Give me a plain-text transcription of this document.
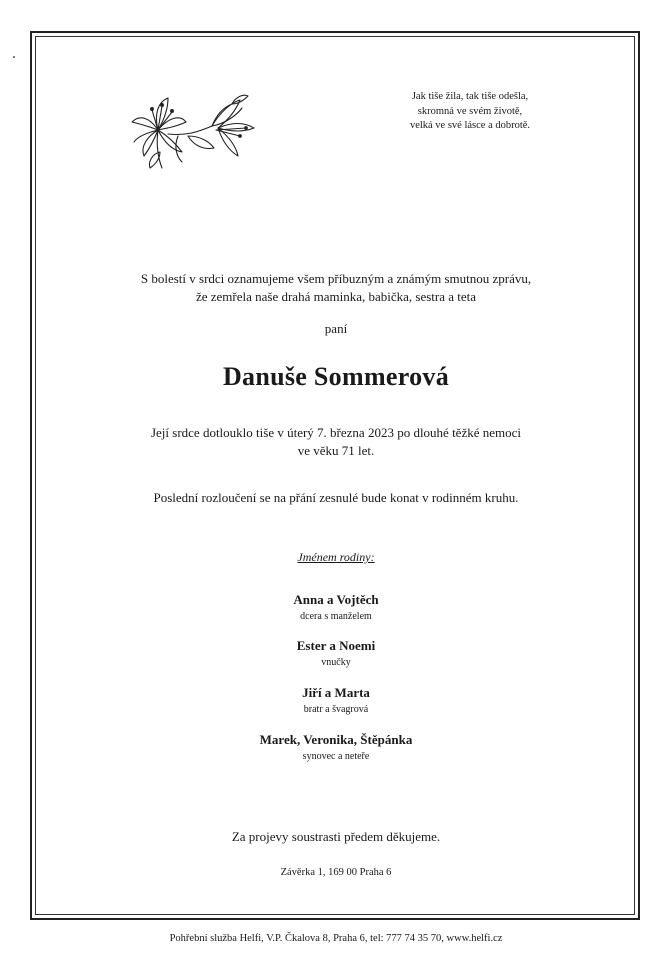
Jak tiše žila, tak tiše odešla,
skromná ve svém životě,
velká ve své lásce a dobrotě.
S bolestí v srdci oznamujeme všem příbuzným a známým smutnou zprávu,
že zemřela naše drahá maminka, babička, sestra a teta
paní
Danuše Sommerová
Její srdce dotlouklo tiše v úterý 7. března 2023 po dlouhé těžké nemoci
ve věku 71 let.
Poslední rozloučení se na přání zesnulé bude konat v rodinném kruhu.
Jménem rodiny:
Anna a Vojtěch
dcera s manželem
Ester a Noemi
vnučky
Jiří a Marta
bratr a švagrová
Marek, Veronika, Štěpánka
synovec a neteře
Za projevy soustrasti předem děkujeme.
Závěrka 1, 169 00 Praha 6
Pohřební služba Helfi, V.P. Čkalova 8, Praha 6, tel: 777 74 35 70, www.helfi.cz
